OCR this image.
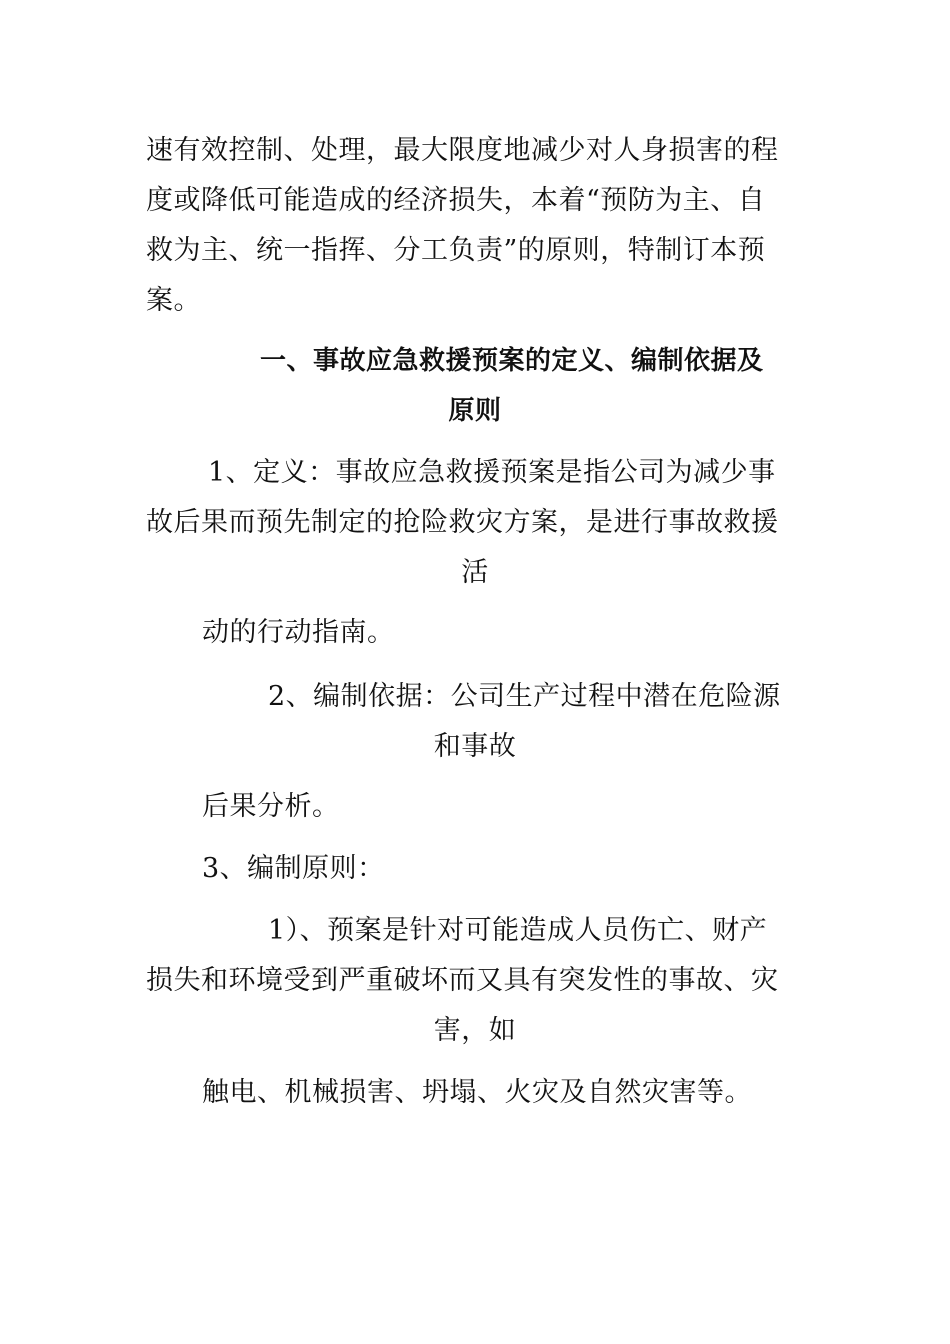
速有效控制、处理，最大限度地减少对人身损害的程

度或降低可能造成的经济损失，本着“预防为主、自

救为主、统一指挥、分工负责”的原则，特制订本预

案。

一、事故应急救援预案的定义、编制依据及

原则

1、定义：事故应急救援预案是指公司为减少事

故后果而预先制定的抢险救灾方案，是进行事故救援

活

动的行动指南。

2、编制依据：公司生产过程中潜在危险源

和事故

后果分析。

3、编制原则：

1）、预案是针对可能造成人员伤亡、财产

损失和环境受到严重破坏而又具有突发性的事故、灾

害，如

触电、机械损害、坍塌、火灾及自然灾害等。
